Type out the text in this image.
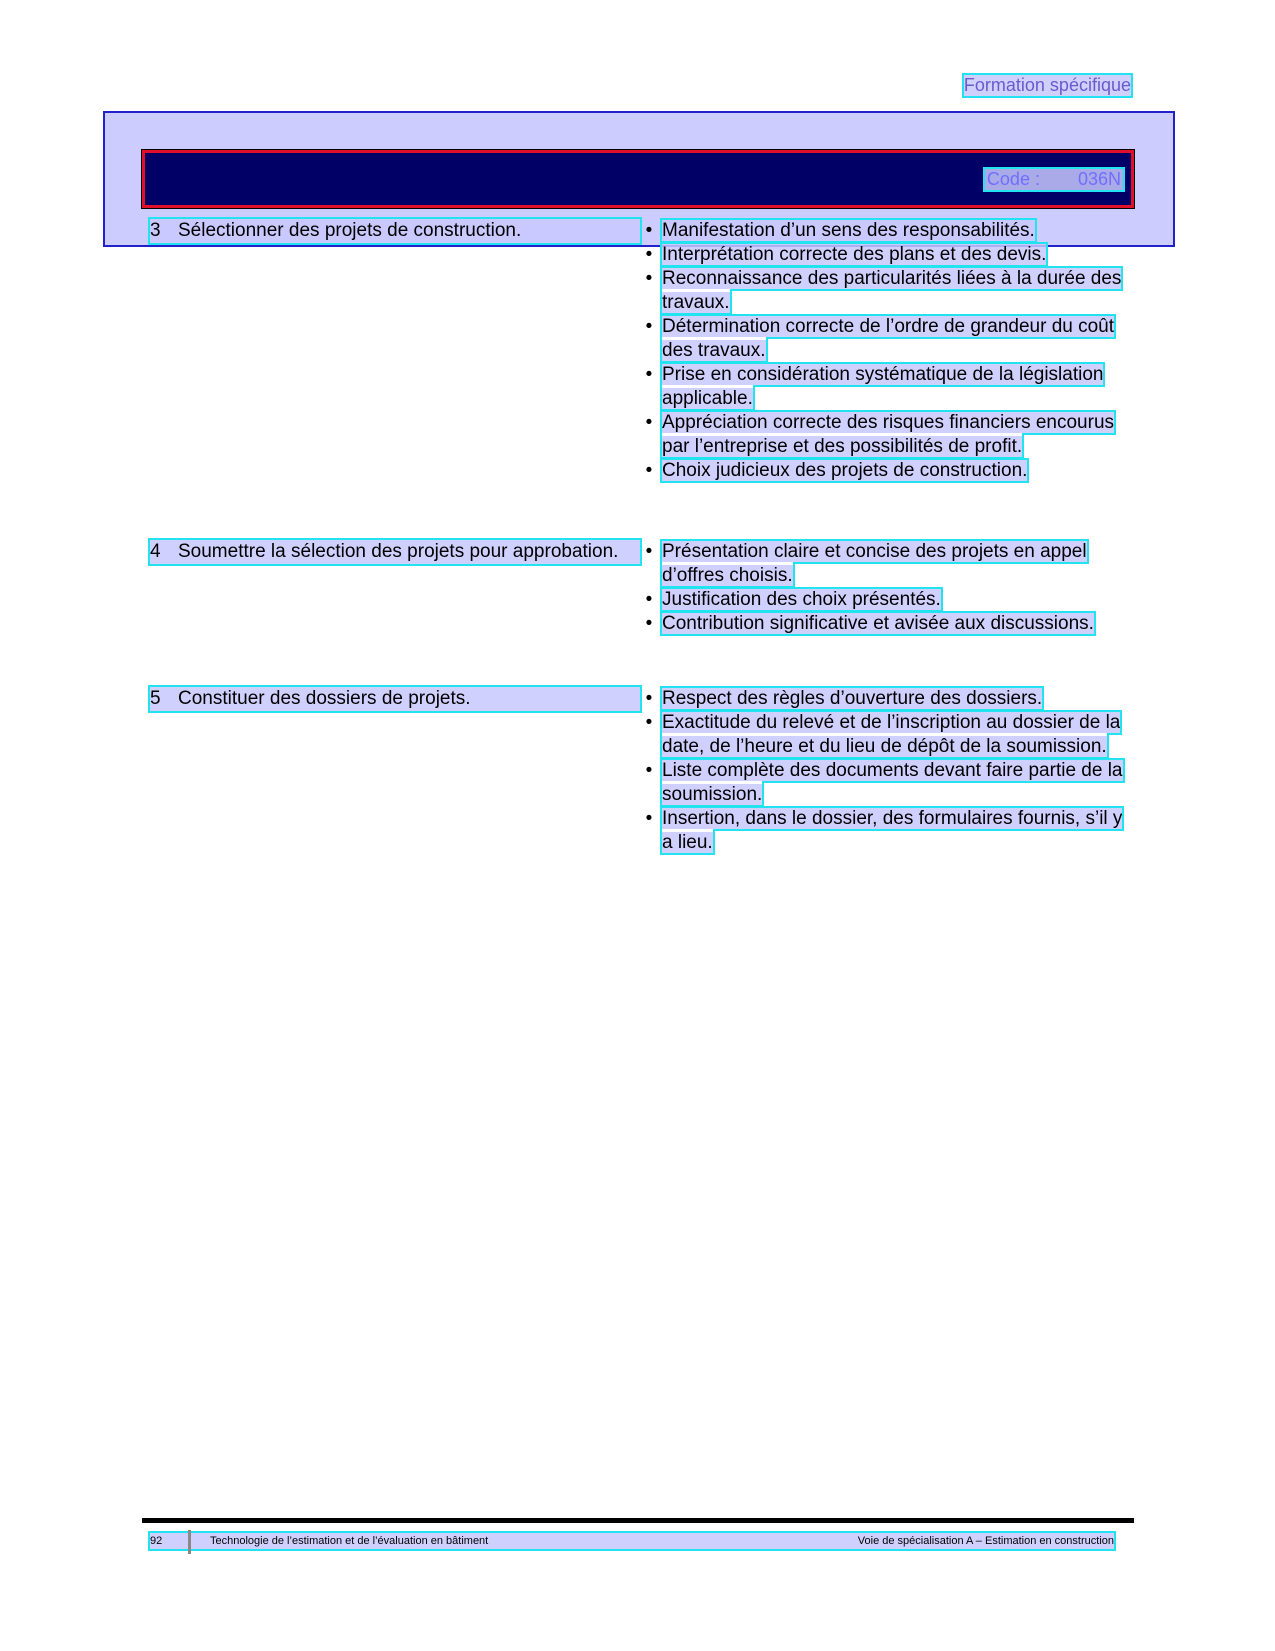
Formation spécifique
Code : 036N
3 Sélectionner des projets de construction.	• Manifestation d’un sens des responsabilités.
• Interprétation correcte des plans et des devis.
• Reconnaissance des particularités liées à la durée des travaux.
• Détermination correcte de l’ordre de grandeur du coût des travaux.
• Prise en considération systématique de la législation applicable.
• Appréciation correcte des risques financiers encourus par l’entreprise et des possibilités de profit.
• Choix judicieux des projets de construction.
4 Soumettre la sélection des projets pour approbation.	• Présentation claire et concise des projets en appel d’offres choisis.
• Justification des choix présentés.
• Contribution significative et avisée aux discussions.
5 Constituer des dossiers de projets.	• Respect des règles d’ouverture des dossiers.
• Exactitude du relevé et de l’inscription au dossier de la date, de l’heure et du lieu de dépôt de la soumission.
• Liste complète des documents devant faire partie de la soumission.
• Insertion, dans le dossier, des formulaires fournis, s’il y a lieu.
92	Technologie de l’estimation et de l’évaluation en bâtiment	Voie de spécialisation A – Estimation en construction
